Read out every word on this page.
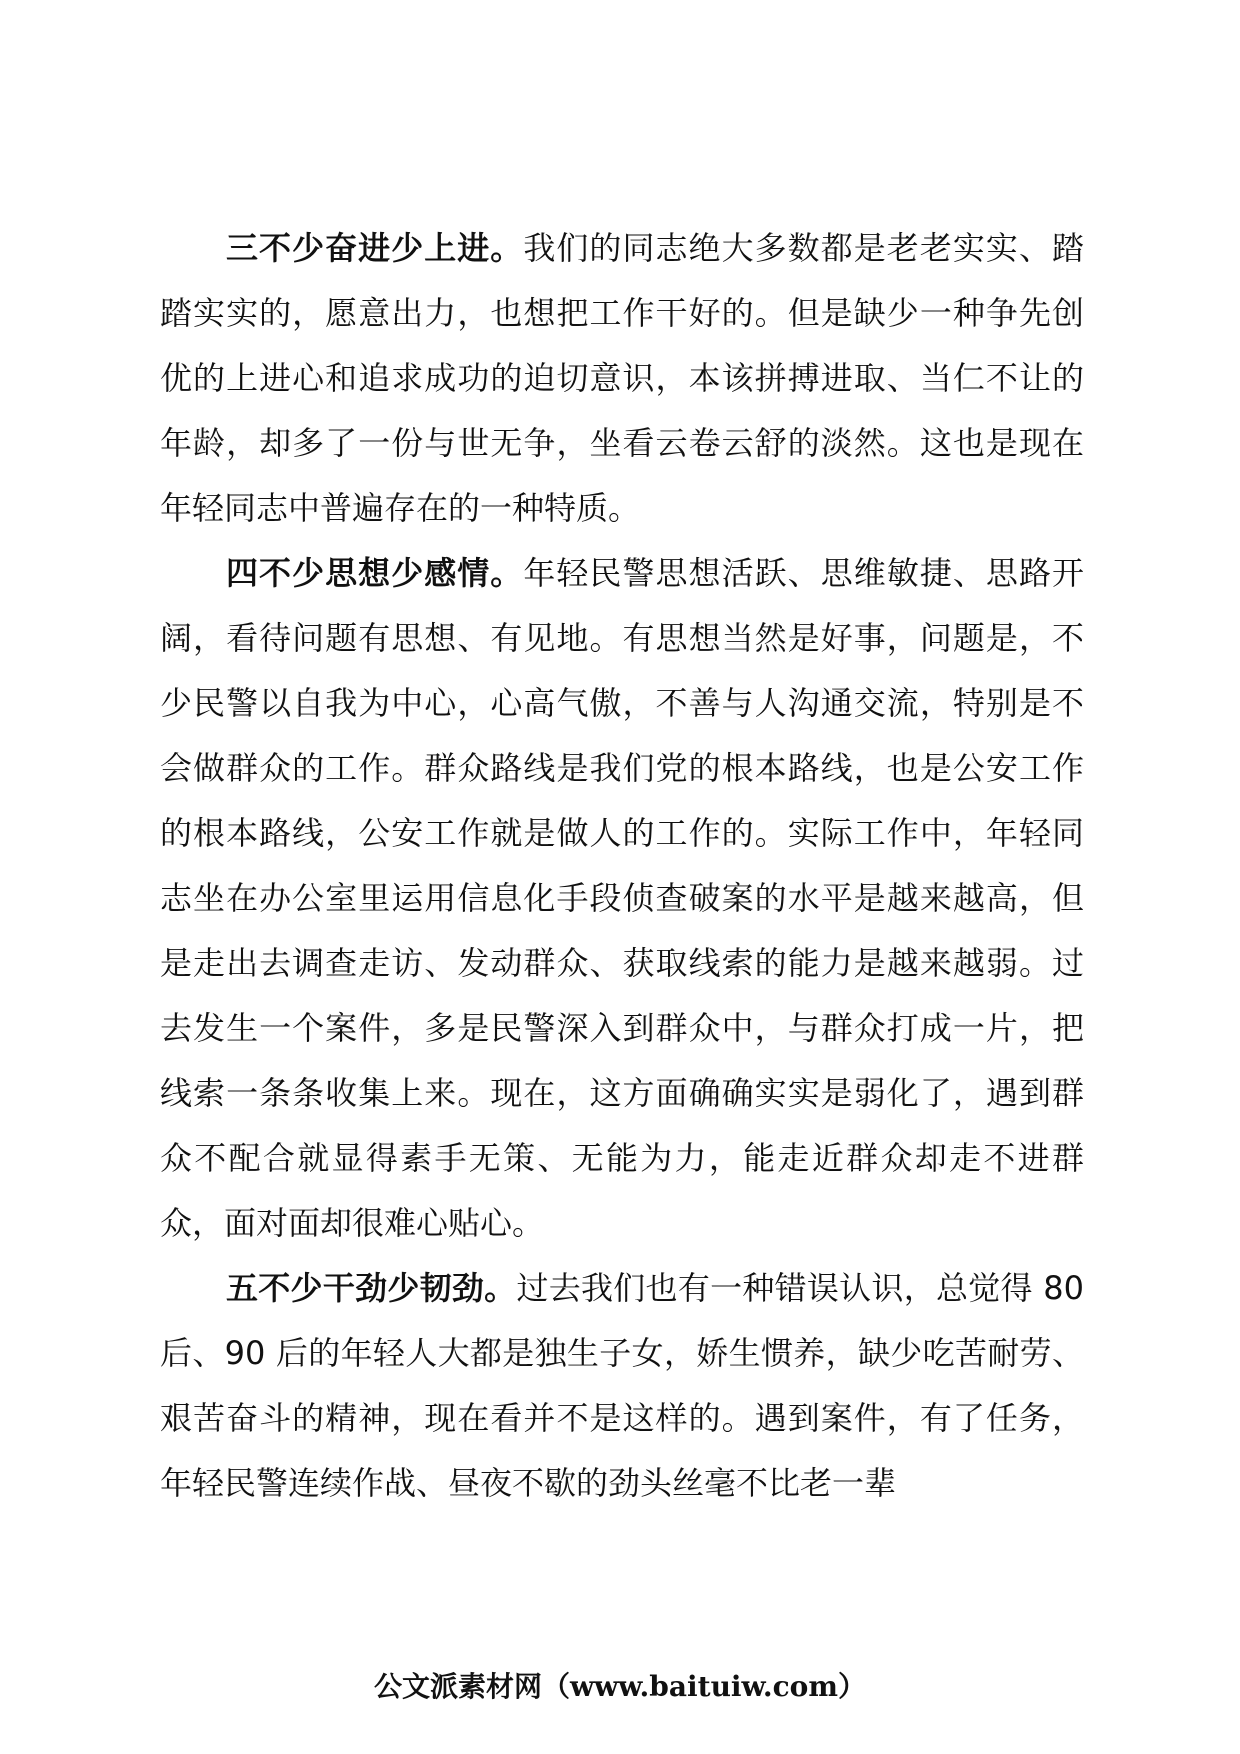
三不少奋进少上进。我们的同志绝大多数都是老老实实、踏踏实实的，愿意出力，也想把工作干好的。但是缺少一种争先创优的上进心和追求成功的迫切意识，本该拼搏进取、当仁不让的年龄，却多了一份与世无争，坐看云卷云舒的淡然。这也是现在年轻同志中普遍存在的一种特质。

四不少思想少感情。年轻民警思想活跃、思维敏捷、思路开阔，看待问题有思想、有见地。有思想当然是好事，问题是，不少民警以自我为中心，心高气傲，不善与人沟通交流，特别是不会做群众的工作。群众路线是我们党的根本路线，也是公安工作的根本路线，公安工作就是做人的工作的。实际工作中，年轻同志坐在办公室里运用信息化手段侦查破案的水平是越来越高，但是走出去调查走访、发动群众、获取线索的能力是越来越弱。过去发生一个案件，多是民警深入到群众中，与群众打成一片，把线索一条条收集上来。现在，这方面确确实实是弱化了，遇到群众不配合就显得素手无策、无能为力，能走近群众却走不进群众，面对面却很难心贴心。

五不少干劲少韧劲。过去我们也有一种错误认识，总觉得 80 后、90 后的年轻人大都是独生子女，娇生惯养，缺少吃苦耐劳、艰苦奋斗的精神，现在看并不是这样的。遇到案件，有了任务，年轻民警连续作战、昼夜不歇的劲头丝毫不比老一辈

公文派素材网（www.baituiw.com）
